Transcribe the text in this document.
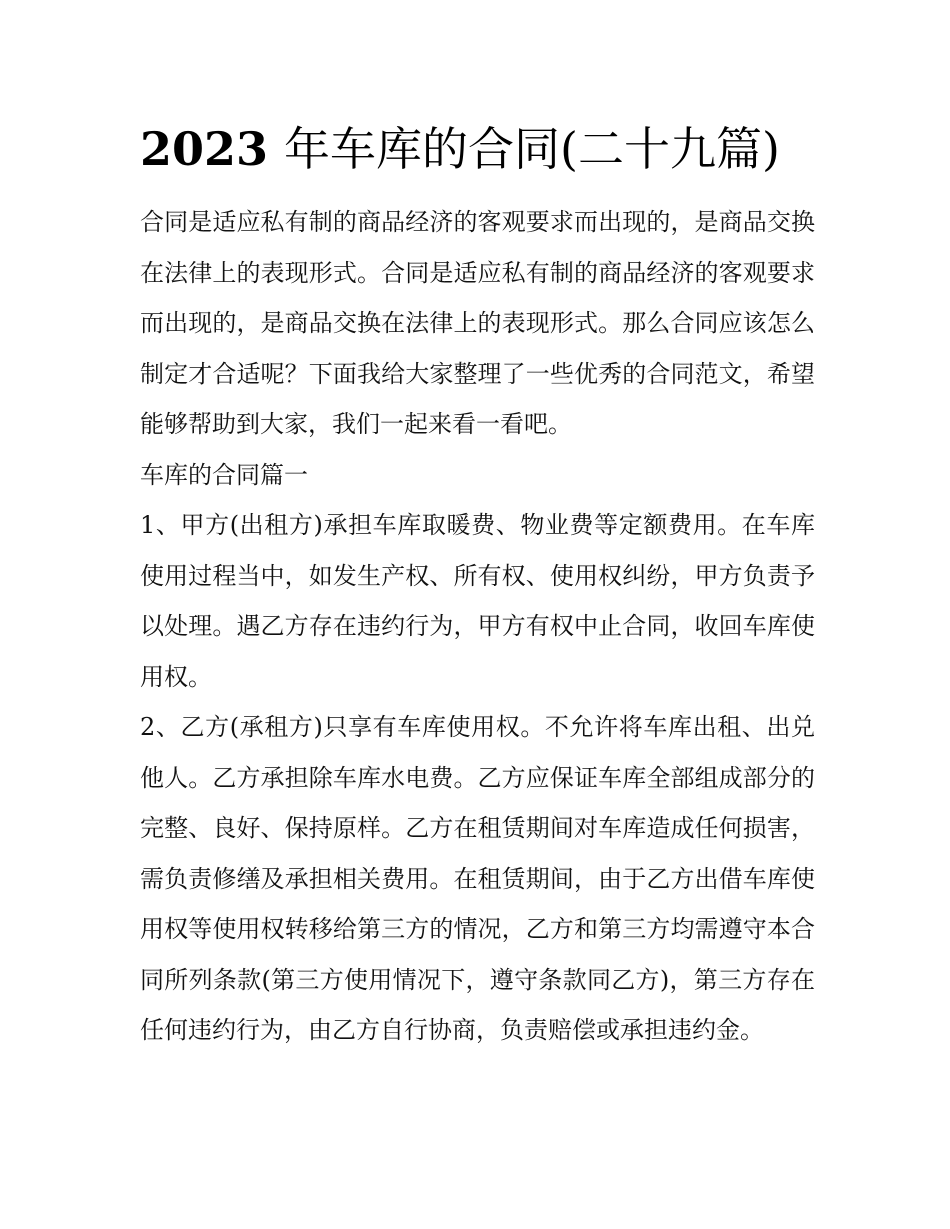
2023 年车库的合同(二十九篇)

合同是适应私有制的商品经济的客观要求而出现的，是商品交换在法律上的表现形式。合同是适应私有制的商品经济的客观要求而出现的，是商品交换在法律上的表现形式。那么合同应该怎么制定才合适呢？下面我给大家整理了一些优秀的合同范文，希望能够帮助到大家，我们一起来看一看吧。

车库的合同篇一

1、甲方(出租方)承担车库取暖费、物业费等定额费用。在车库使用过程当中，如发生产权、所有权、使用权纠纷，甲方负责予以处理。遇乙方存在违约行为，甲方有权中止合同，收回车库使用权。

2、乙方(承租方)只享有车库使用权。不允许将车库出租、出兑他人。乙方承担除车库水电费。乙方应保证车库全部组成部分的完整、良好、保持原样。乙方在租赁期间对车库造成任何损害，需负责修缮及承担相关费用。在租赁期间，由于乙方出借车库使用权等使用权转移给第三方的情况，乙方和第三方均需遵守本合同所列条款(第三方使用情况下，遵守条款同乙方)，第三方存在任何违约行为，由乙方自行协商，负责赔偿或承担违约金。
